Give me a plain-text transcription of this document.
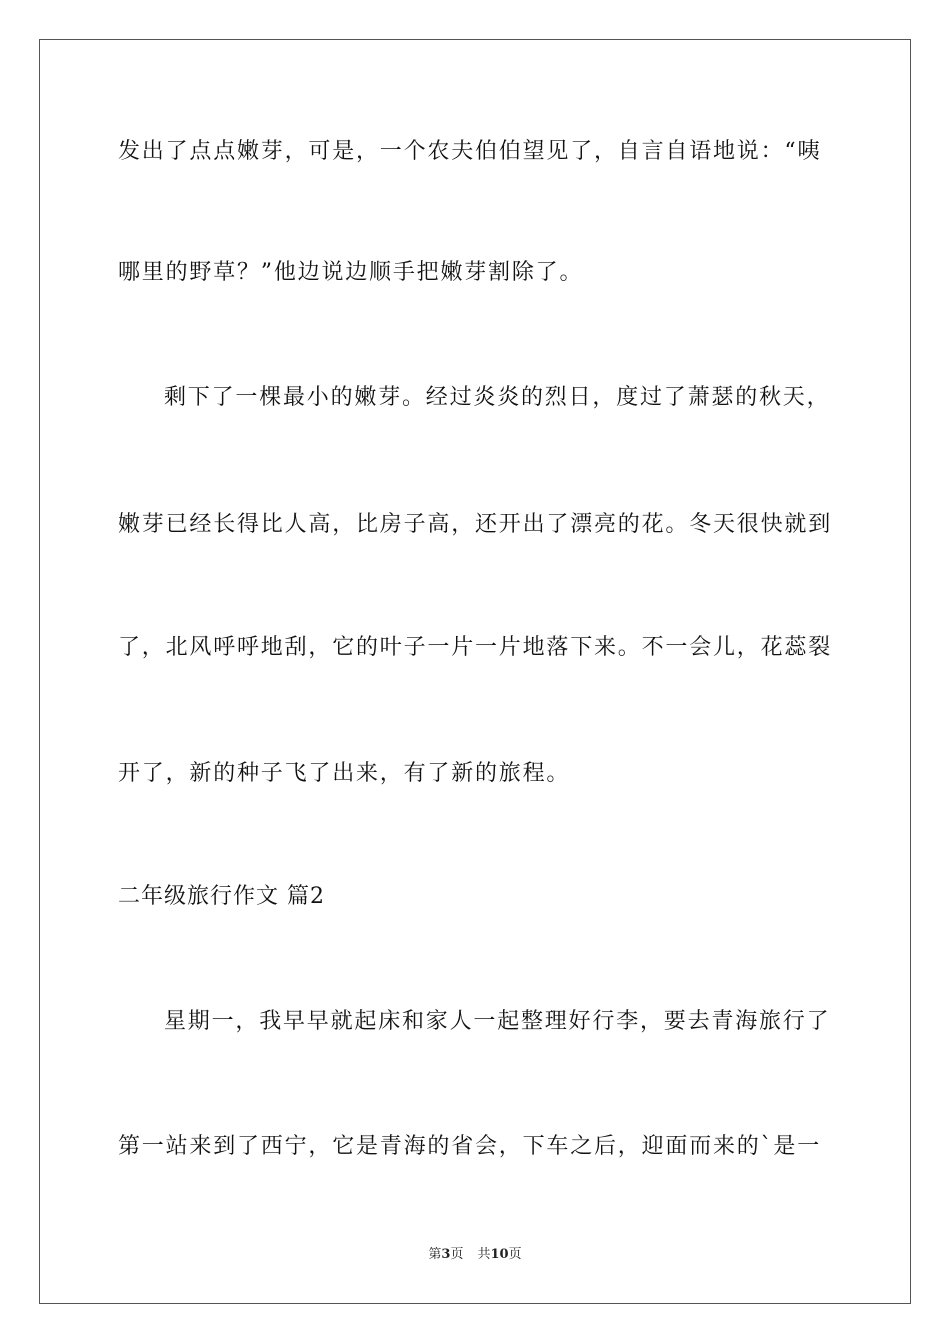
发出了点点嫩芽，可是，一个农夫伯伯望见了，自言自语地说：“咦
哪里的野草？”他边说边顺手把嫩芽割除了。
剩下了一棵最小的嫩芽。经过炎炎的烈日，度过了萧瑟的秋天，
嫩芽已经长得比人高，比房子高，还开出了漂亮的花。冬天很快就到
了，北风呼呼地刮，它的叶子一片一片地落下来。不一会儿，花蕊裂
开了，新的种子飞了出来，有了新的旅程。
二年级旅行作文 篇2
星期一，我早早就起床和家人一起整理好行李，要去青海旅行了
第一站来到了西宁，它是青海的省会，下车之后，迎面而来的`是一
第3页 共10页
